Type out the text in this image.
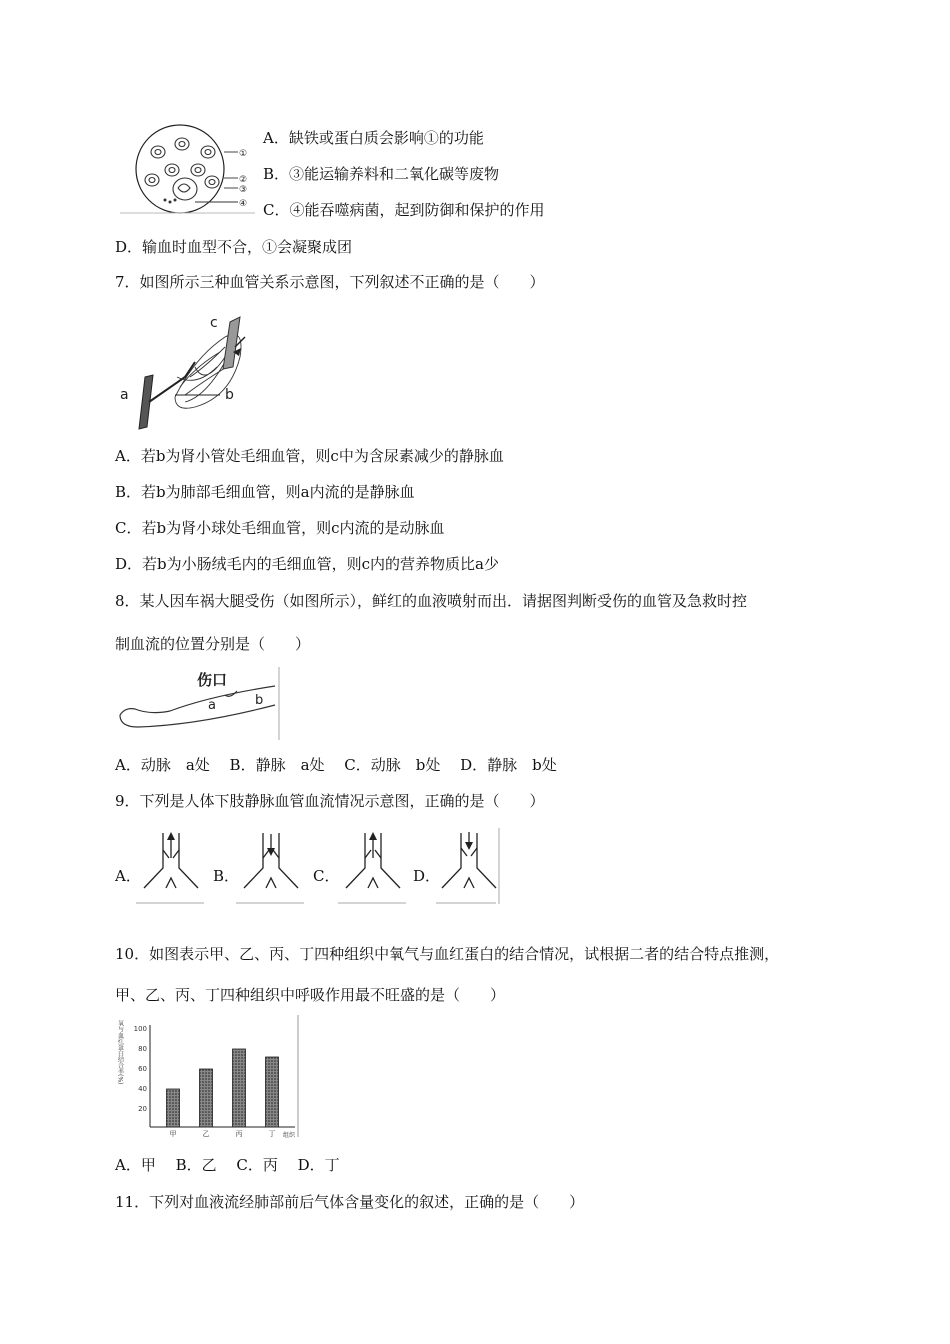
①
②
③
④
A．缺铁或蛋白质会影响①的功能
B．③能运输养料和二氧化碳等废物
C．④能吞噬病菌，起到防御和保护的作用
D．输血时血型不合，①会凝聚成团
7．如图所示三种血管关系示意图，下列叙述不正确的是（　　）
a	b
c
A．若b为肾小管处毛细血管，则c中为含尿素减少的静脉血
B．若b为肺部毛细血管，则a内流的是静脉血
C．若b为肾小球处毛细血管，则c内流的是动脉血
D．若b为小肠绒毛内的毛细血管，则c内的营养物质比a少
8．某人因车祸大腿受伤（如图所示），鲜红的血液喷射而出．请据图判断受伤的血管及急救时控
制血流的位置分别是（　　）
伤口
a	b
A．动脉　a处　 B．静脉　a处　 C．动脉　b处　 D．静脉　b处
9．下列是人体下肢静脉血管血流情况示意图，正确的是（　　）
A．	B．	C．	D．
10．如图表示甲、乙、丙、丁四种组织中氧气与血红蛋白的结合情况，试根据二者的结合特点推测，
甲、乙、丙、丁四种组织中呼吸作用最不旺盛的是（　　）
氧与血红蛋白结合率(%) 100
80
60
40
20
甲	乙	丙	丁 组织
A．甲　 B．乙　 C．丙　 D．丁
11．下列对血液流经肺部前后气体含量变化的叙述，正确的是（　　）
